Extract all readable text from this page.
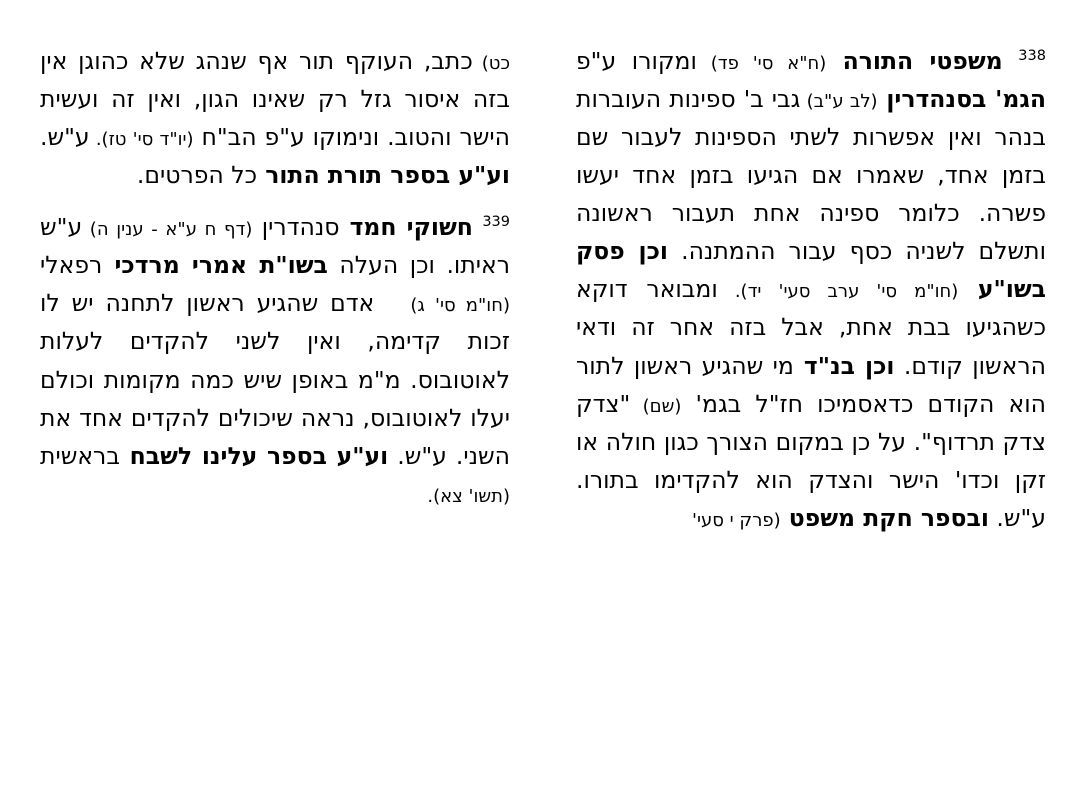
$^{338}$ משפטי התורה (ח"א סי' פד) ומקורו ע"פ הגמ' בסנהדרין (לב ע"ב) גבי ב' ספינות העוברות בנהר ואין אפשרות לשתי הספינות לעבור שם בזמן אחד, שאמרו אם הגיעו בזמן אחד יעשו פשרה. כלומר ספינה אחת תעבור ראשונה ותשלם לשניה כסף עבור ההמתנה. וכן פסק בשו"ע (חו"מ סי' ערב סעי' יד). ומבואר דוקא כשהגיעו בבת אחת, אבל בזה אחר זה ודאי הראשון קודם. וכן בנ"ד מי שהגיע ראשון לתור הוא הקודם כדאסמיכו חז"ל בגמ' (שם) "צדק צדק תרדוף". על כן במקום הצורך כגון חולה או זקן וכדו' הישר והצדק הוא להקדימו בתורו. ע"ש. ובספר חקת משפט (פרק י סעי'

כט) כתב, העוקף תור אף שנהג שלא כהוגן אין בזה איסור גזל רק שאינו הגון, ואין זה ועשית הישר והטוב. ונימוקו ע"פ הב"ח (יו"ד סי' טז). ע"ש. וע"ע בספר תורת התור כל הפרטים.

$^{339}$ חשוקי חמד סנהדרין (דף ח ע"א - ענין ה) ע"ש ראיתו. וכן העלה בשו"ת אמרי מרדכי רפאלי (חו"מ סי' ג) אדם שהגיע ראשון לתחנה יש לו זכות קדימה, ואין לשני להקדים לעלות לאוטובוס. מ"מ באופן שיש כמה מקומות וכולם יעלו לאוטובוס, נראה שיכולים להקדים אחד את השני. ע"ש. וע"ע בספר עלינו לשבח בראשית (תשו' צא).
